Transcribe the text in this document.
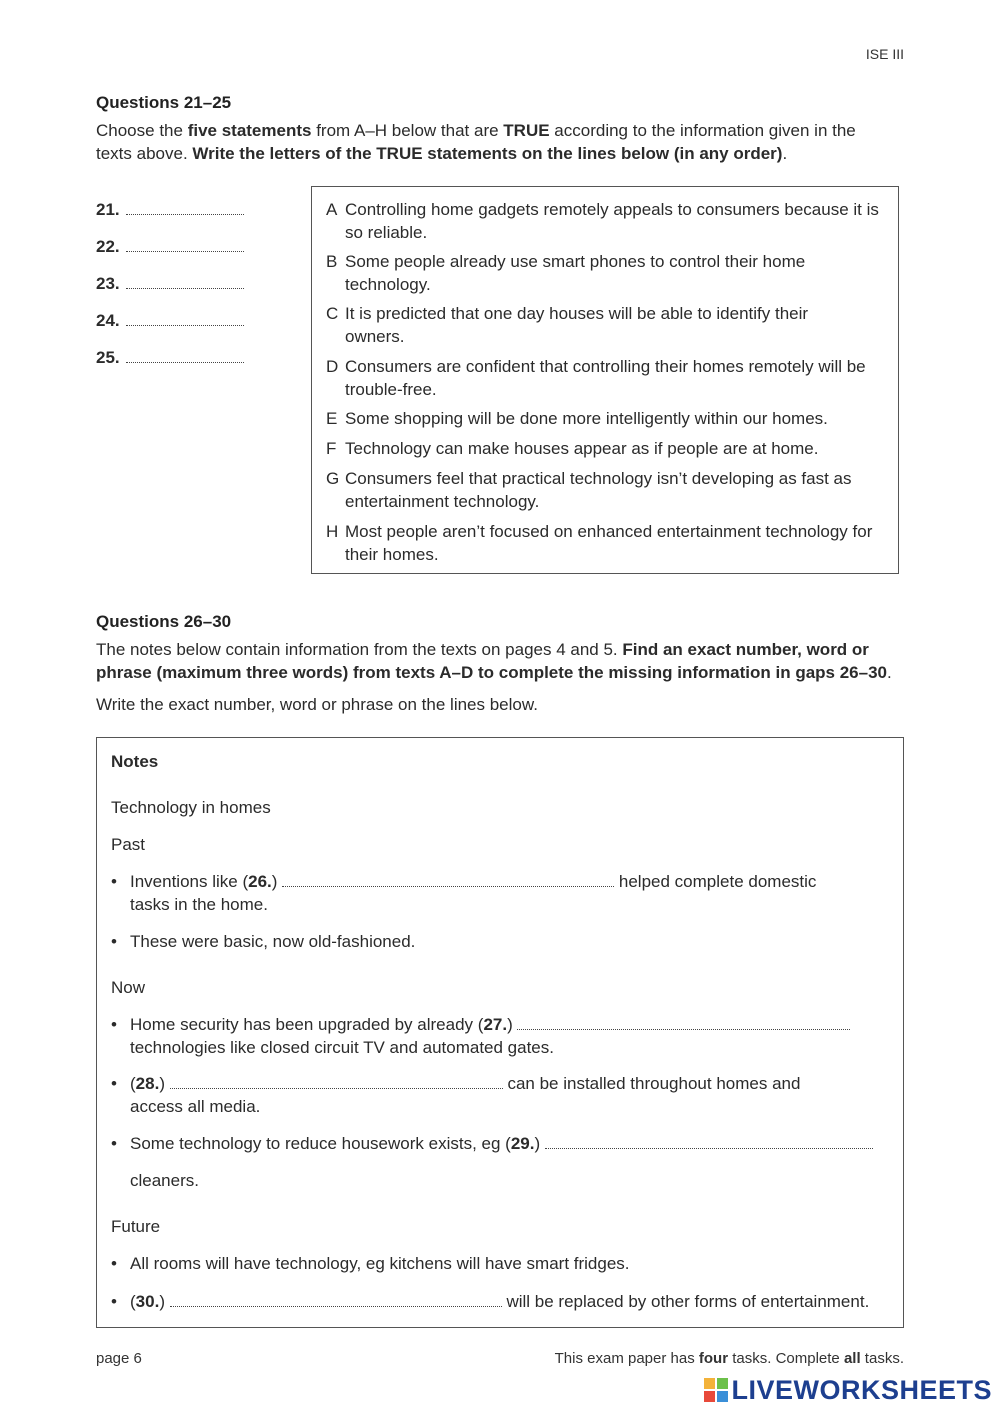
ISE III
Questions 21–25
Choose the five statements from A–H below that are TRUE according to the information given in the texts above. Write the letters of the TRUE statements on the lines below (in any order).
21.
22.
23.
24.
25.
A Controlling home gadgets remotely appeals to consumers because it is so reliable.
B Some people already use smart phones to control their home technology.
C It is predicted that one day houses will be able to identify their owners.
D Consumers are confident that controlling their homes remotely will be trouble-free.
E Some shopping will be done more intelligently within our homes.
F Technology can make houses appear as if people are at home.
G Consumers feel that practical technology isn’t developing as fast as entertainment technology.
H Most people aren’t focused on enhanced entertainment technology for their homes.
Questions 26–30
The notes below contain information from the texts on pages 4 and 5. Find an exact number, word or phrase (maximum three words) from texts A–D to complete the missing information in gaps 26–30.
Write the exact number, word or phrase on the lines below.
Notes
Technology in homes
Past
• Inventions like (26.)	helped complete domestic
tasks in the home.
• These were basic, now old-fashioned.
Now
• Home security has been upgraded by already (27.)
technologies like closed circuit TV and automated gates.
• (28.)	can be installed throughout homes and
access all media.
• Some technology to reduce housework exists, eg (29.)
cleaners.
Future
• All rooms will have technology, eg kitchens will have smart fridges.
• (30.)	will be replaced by other forms of entertainment.
page 6	This exam paper has four tasks. Complete all tasks.
LIVEWORKSHEETS
